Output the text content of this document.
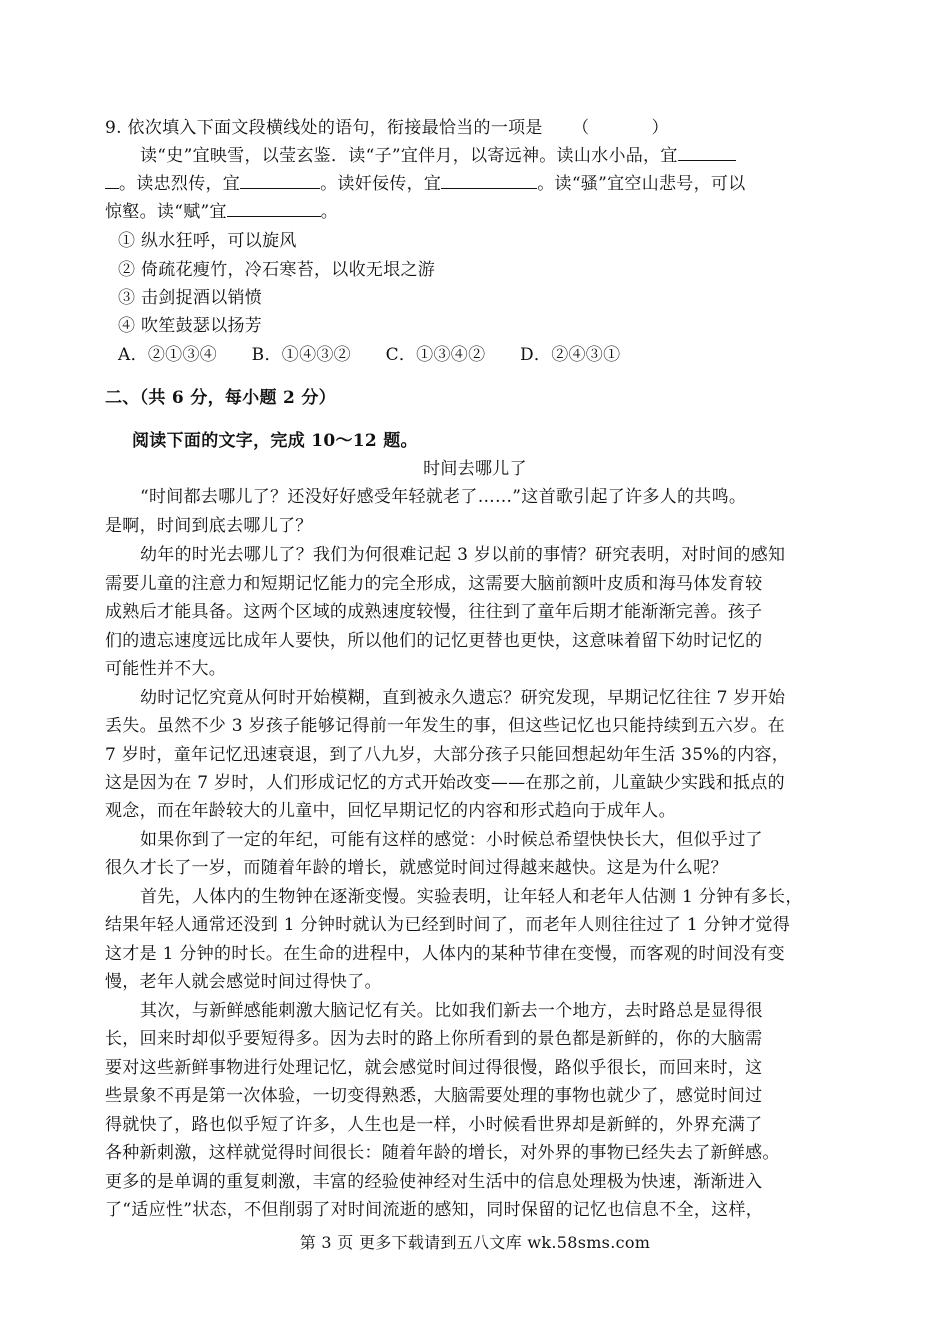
9. 依次填入下面文段横线处的语句，衔接最恰当的一项是 （	）
读“史”宜映雪，以莹玄鉴．读“子”宜伴月，以寄远神。读山水小品，宜
。读忠烈传，宜	。读奸佞传，宜	。读“骚”宜空山悲号，可以
惊壑。读“赋”宜	。
① 纵水狂呼，可以旋风
② 倚疏花瘦竹，冷石寒苔，以收无垠之游
③ 击剑捉酒以销愤
④ 吹笙鼓瑟以扬芳
A．②①③④　　B．①④③②　　C．①③④②　　D．②④③①
二、（共 6 分，每小题 2 分）
阅读下面的文字，完成 10～12 题。
时间去哪儿了
“时间都去哪儿了？还没好好感受年轻就老了……”这首歌引起了许多人的共鸣。
是啊，时间到底去哪儿了？
幼年的时光去哪儿了？我们为何很难记起 3 岁以前的事情？研究表明，对时间的感知
需要儿童的注意力和短期记忆能力的完全形成，这需要大脑前额叶皮质和海马体发育较
成熟后才能具备。这两个区域的成熟速度较慢，往往到了童年后期才能渐渐完善。孩子
们的遗忘速度远比成年人要快，所以他们的记忆更替也更快，这意味着留下幼时记忆的
可能性并不大。
幼时记忆究竟从何时开始模糊，直到被永久遗忘？研究发现，早期记忆往往 7 岁开始
丢失。虽然不少 3 岁孩子能够记得前一年发生的事，但这些记忆也只能持续到五六岁。在
7 岁时，童年记忆迅速衰退，到了八九岁，大部分孩子只能回想起幼年生活 35%的内容，
这是因为在 7 岁时，人们形成记忆的方式开始改变——在那之前，儿童缺少实践和抵点的
观念，而在年龄较大的儿童中，回忆早期记忆的内容和形式趋向于成年人。
如果你到了一定的年纪，可能有这样的感觉：小时候总希望快快长大，但似乎过了
很久才长了一岁，而随着年龄的增长，就感觉时间过得越来越快。这是为什么呢？
首先，人体内的生物钟在逐渐变慢。实验表明，让年轻人和老年人估测 1 分钟有多长，
结果年轻人通常还没到 1 分钟时就认为已经到时间了，而老年人则往往过了 1 分钟才觉得
这才是 1 分钟的时长。在生命的进程中，人体内的某种节律在变慢，而客观的时间没有变
慢，老年人就会感觉时间过得快了。
其次，与新鲜感能刺激大脑记忆有关。比如我们新去一个地方，去时路总是显得很
长，回来时却似乎要短得多。因为去时的路上你所看到的景色都是新鲜的，你的大脑需
要对这些新鲜事物进行处理记忆，就会感觉时间过得很慢，路似乎很长，而回来时，这
些景象不再是第一次体验，一切变得熟悉，大脑需要处理的事物也就少了，感觉时间过
得就快了，路也似乎短了许多，人生也是一样，小时候看世界却是新鲜的，外界充满了
各种新刺激，这样就觉得时间很长：随着年龄的增长，对外界的事物已经失去了新鲜感。
更多的是单调的重复刺激，丰富的经验使神经对生活中的信息处理极为快速，渐渐进入
了“适应性”状态，不但削弱了对时间流逝的感知，同时保留的记忆也信息不全，这样，
第 3 页 更多下载请到五八文库 wk.58sms.com
